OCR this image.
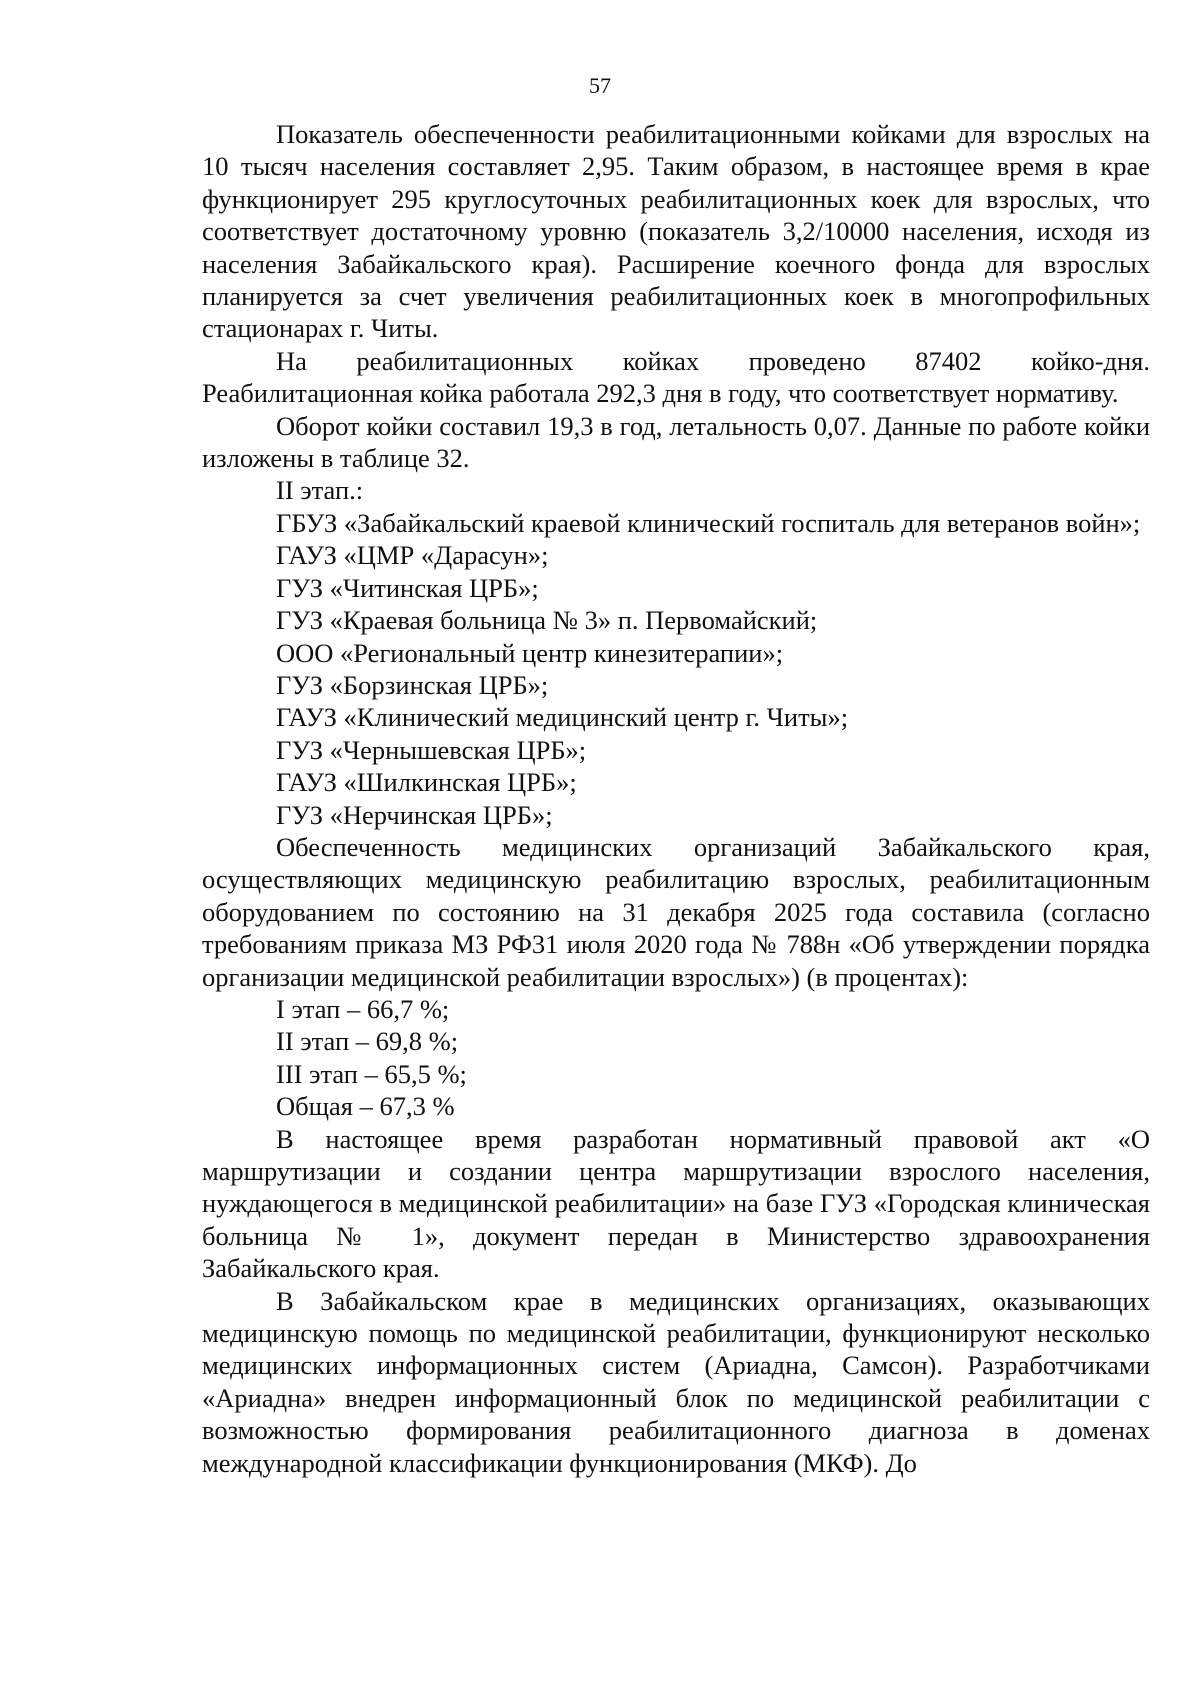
57

Показатель обеспеченности реабилитационными койками для взрослых на 10 тысяч населения составляет 2,95. Таким образом, в настоящее время в крае функционирует 295 круглосуточных реабилитационных коек для взрослых, что соответствует достаточному уровню (показатель 3,2/10000 населения, исходя из населения Забайкальского края). Расширение коечного фонда для взрослых планируется за счет увеличения реабилитационных коек в многопрофильных стационарах г. Читы.

На реабилитационных койках проведено 87402 койко-дня. Реабилитационная койка работала 292,3 дня в году, что соответствует нормативу.

Оборот койки составил 19,3 в год, летальность 0,07. Данные по работе койки изложены в таблице 32.

II этап.:

ГБУЗ «Забайкальский краевой клинический госпиталь для ветеранов войн»;

ГАУЗ «ЦМР «Дарасун»;

ГУЗ «Читинская ЦРБ»;

ГУЗ «Краевая больница № 3» п. Первомайский;

ООО «Региональный центр кинезитерапии»;

ГУЗ «Борзинская ЦРБ»;

ГАУЗ «Клинический медицинский центр г. Читы»;

ГУЗ «Чернышевская ЦРБ»;

ГАУЗ «Шилкинская ЦРБ»;

ГУЗ «Нерчинская ЦРБ»;

Обеспеченность медицинских организаций Забайкальского края, осуществляющих медицинскую реабилитацию взрослых, реабилитационным оборудованием по состоянию на 31 декабря 2025 года составила (согласно требованиям приказа МЗ РФ31 июля 2020 года № 788н «Об утверждении порядка организации медицинской реабилитации взрослых») (в процентах):

I этап – 66,7 %;

II этап – 69,8 %;

III этап – 65,5 %;

Общая – 67,3 %

В настоящее время разработан нормативный правовой акт «О маршрутизации и создании центра маршрутизации взрослого населения, нуждающегося в медицинской реабилитации» на базе ГУЗ «Городская клиническая больница № 1», документ передан в Министерство здравоохранения Забайкальского края.

В Забайкальском крае в медицинских организациях, оказывающих медицинскую помощь по медицинской реабилитации, функционируют несколько медицинских информационных систем (Ариадна, Самсон). Разработчиками «Ариадна» внедрен информационный блок по медицинской реабилитации с возможностью формирования реабилитационного диагноза в доменах международной классификации функционирования (МКФ). До
